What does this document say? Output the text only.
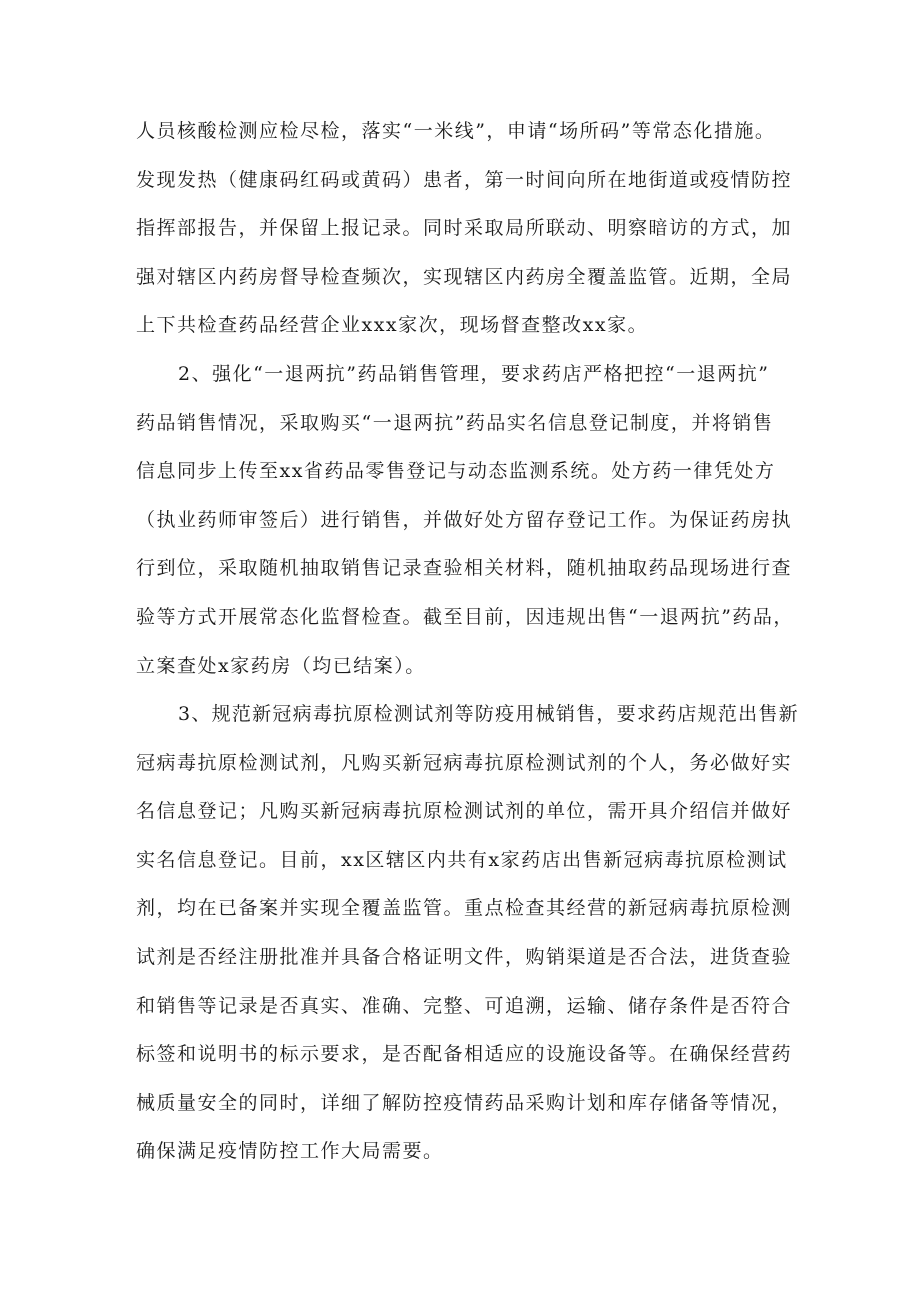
人员核酸检测应检尽检，落实“一米线”，申请“场所码”等常态化措施。
发现发热（健康码红码或黄码）患者，第一时间向所在地街道或疫情防控
指挥部报告，并保留上报记录。同时采取局所联动、明察暗访的方式，加
强对辖区内药房督导检查频次，实现辖区内药房全覆盖监管。近期，全局
上下共检查药品经营企业xxx家次，现场督查整改xx家。
2、强化“一退两抗”药品销售管理，要求药店严格把控“一退两抗”
药品销售情况，采取购买“一退两抗”药品实名信息登记制度，并将销售
信息同步上传至xx省药品零售登记与动态监测系统。处方药一律凭处方
（执业药师审签后）进行销售，并做好处方留存登记工作。为保证药房执
行到位，采取随机抽取销售记录查验相关材料，随机抽取药品现场进行查
验等方式开展常态化监督检查。截至目前，因违规出售“一退两抗”药品，
立案查处x家药房（均已结案）。
3、规范新冠病毒抗原检测试剂等防疫用械销售，要求药店规范出售新
冠病毒抗原检测试剂，凡购买新冠病毒抗原检测试剂的个人，务必做好实
名信息登记；凡购买新冠病毒抗原检测试剂的单位，需开具介绍信并做好
实名信息登记。目前，xx区辖区内共有x家药店出售新冠病毒抗原检测试
剂，均在已备案并实现全覆盖监管。重点检查其经营的新冠病毒抗原检测
试剂是否经注册批准并具备合格证明文件，购销渠道是否合法，进货查验
和销售等记录是否真实、准确、完整、可追溯，运输、储存条件是否符合
标签和说明书的标示要求，是否配备相适应的设施设备等。在确保经营药
械质量安全的同时，详细了解防控疫情药品采购计划和库存储备等情况，
确保满足疫情防控工作大局需要。
